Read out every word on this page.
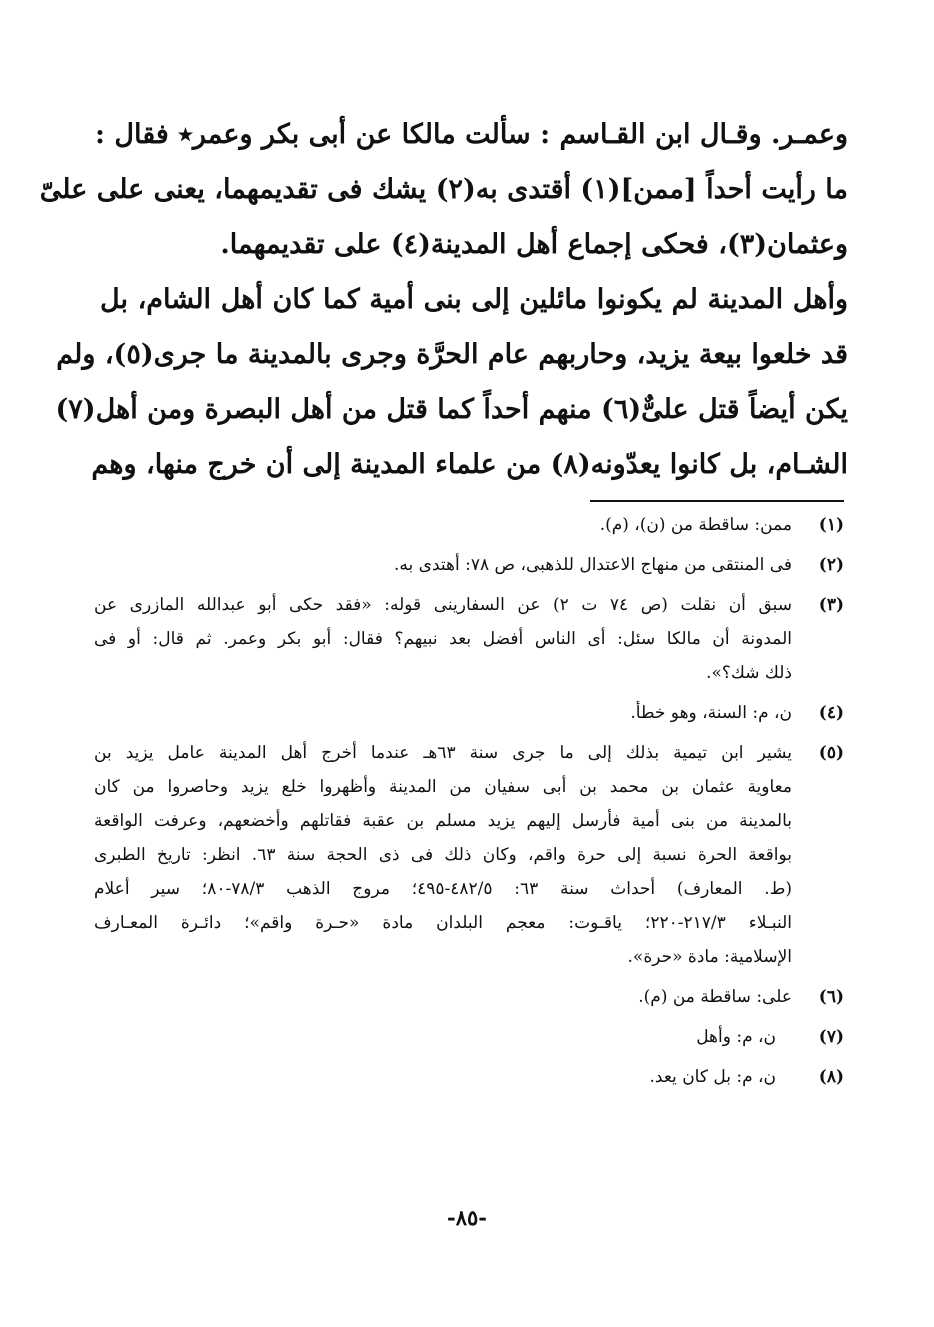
وعمـر. وقـال ابن القـاسم : سألت مالكا عن أبى بكر وعمر٭ فقال :
ما رأيت أحداً [ممن](١) أقتدى به(٢) يشك فى تقديمهما، يعنى على علىّ
وعثمان(٣)، فحكى إجماع أهل المدينة(٤) على تقديمهما.
وأهل المدينة لم يكونوا مائلين إلى بنى أمية كما كان أهل الشام، بل
قد خلعوا بيعة يزيد، وحاربهم عام الحرَّة وجرى بالمدينة ما جرى(٥)، ولم
يكن أيضاً قتل علىٌّ(٦) منهم أحداً كما قتل من أهل البصرة ومن أهل(٧)
الشـام، بل كانوا يعدّونه(٨) من علماء المدينة إلى أن خرج منها، وهم
(١)
ممن: ساقطة من (ن)، (م).
(٢)
فى المنتقى من منهاج الاعتدال للذهبى، ص ٧٨: أهتدى به.
(٣)
سبق أن نقلت (ص ٧٤ ت ٢) عن السفارينى قوله: «فقد حكى أبو عبدالله المازرى عن
المدونة أن مالكا سئل: أى الناس أفضل بعد نبيهم؟ فقال: أبو بكر وعمر. ثم قال: أو فى
ذلك شك؟».
(٤)
ن، م: السنة، وهو خطأ.
(٥)
يشير ابن تيمية بذلك إلى ما جرى سنة ٦٣هـ عندما أخرج أهل المدينة عامل يزيد بن
معاوية عثمان بن محمد بن أبى سفيان من المدينة وأظهروا خلع يزيد وحاصروا من كان
بالمدينة من بنى أمية فأرسل إليهم يزيد مسلم بن عقبة فقاتلهم وأخضعهم، وعرفت الواقعة
بواقعة الحرة نسبة إلى حرة واقم، وكان ذلك فى ذى الحجة سنة ٦٣. انظر: تاريخ الطبرى
(ط. المعارف) أحداث سنة ٦٣: ٤٨٢/٥-٤٩٥؛ مروج الذهب ٧٨/٣-٨٠؛ سير أعلام
النبـلاء ٢١٧/٣-٢٢٠؛ ياقـوت: معجم البلدان مادة «حـرة واقم»؛ دائـرة المعـارف
الإسلامية: مادة «حرة».
(٦)
على: ساقطة من (م).
(٧)
ن، م: وأهل
(٨)
ن، م: بل كان يعد.
-٨٥-
